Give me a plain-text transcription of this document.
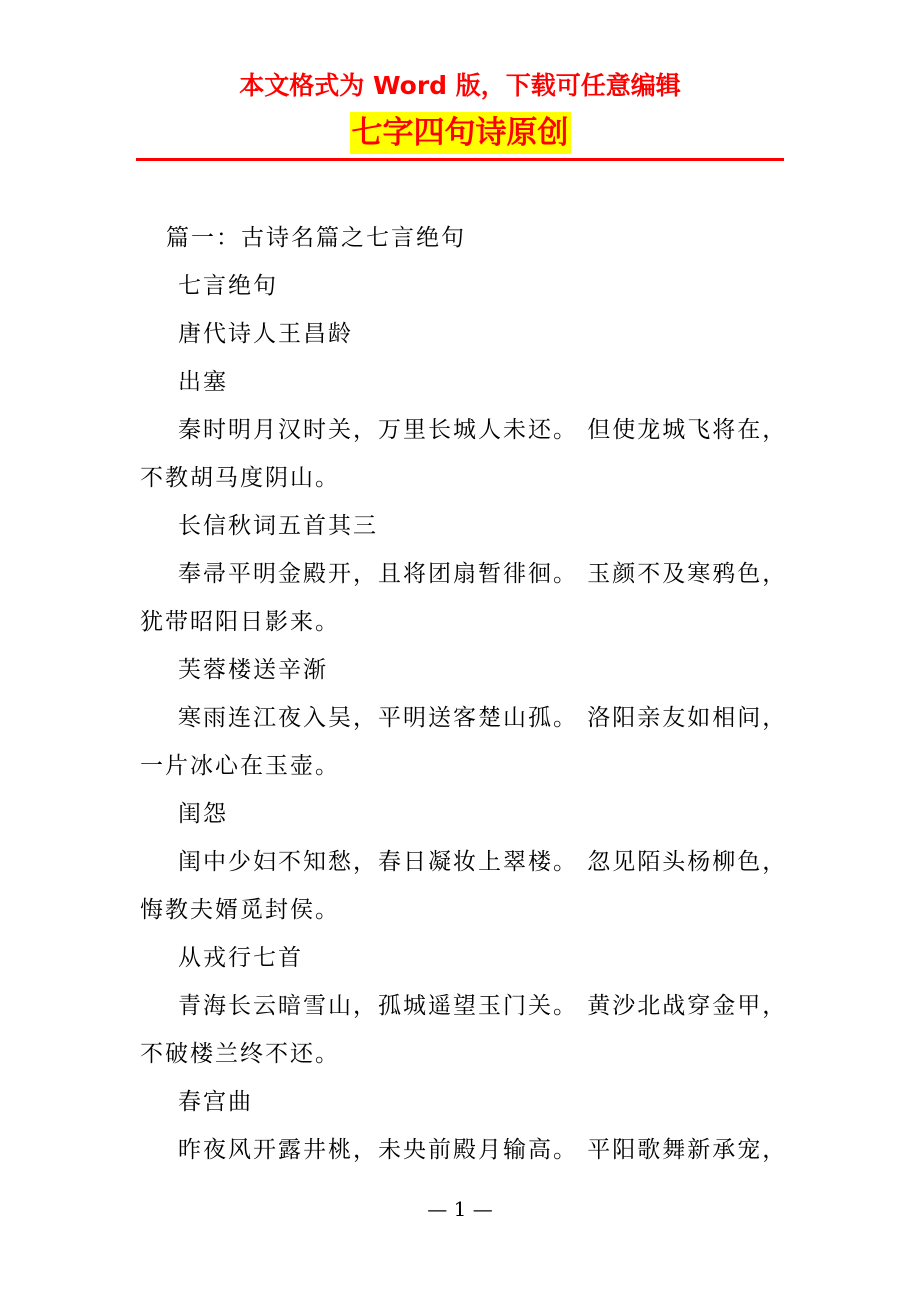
本文格式为 Word 版，下载可任意编辑
七字四句诗原创
篇一：古诗名篇之七言绝句
七言绝句
唐代诗人王昌龄
出塞
秦时明月汉时关，万里长城人未还。 但使龙城飞将在，
不教胡马度阴山。
长信秋词五首其三
奉帚平明金殿开，且将团扇暂徘徊。 玉颜不及寒鸦色，
犹带昭阳日影来。
芙蓉楼送辛渐
寒雨连江夜入吴，平明送客楚山孤。 洛阳亲友如相问，
一片冰心在玉壶。
闺怨
闺中少妇不知愁，春日凝妆上翠楼。 忽见陌头杨柳色，
悔教夫婿觅封侯。
从戎行七首
青海长云暗雪山，孤城遥望玉门关。 黄沙北战穿金甲，
不破楼兰终不还。
春宫曲
昨夜风开露井桃，未央前殿月输高。 平阳歌舞新承宠，
— 1 —
